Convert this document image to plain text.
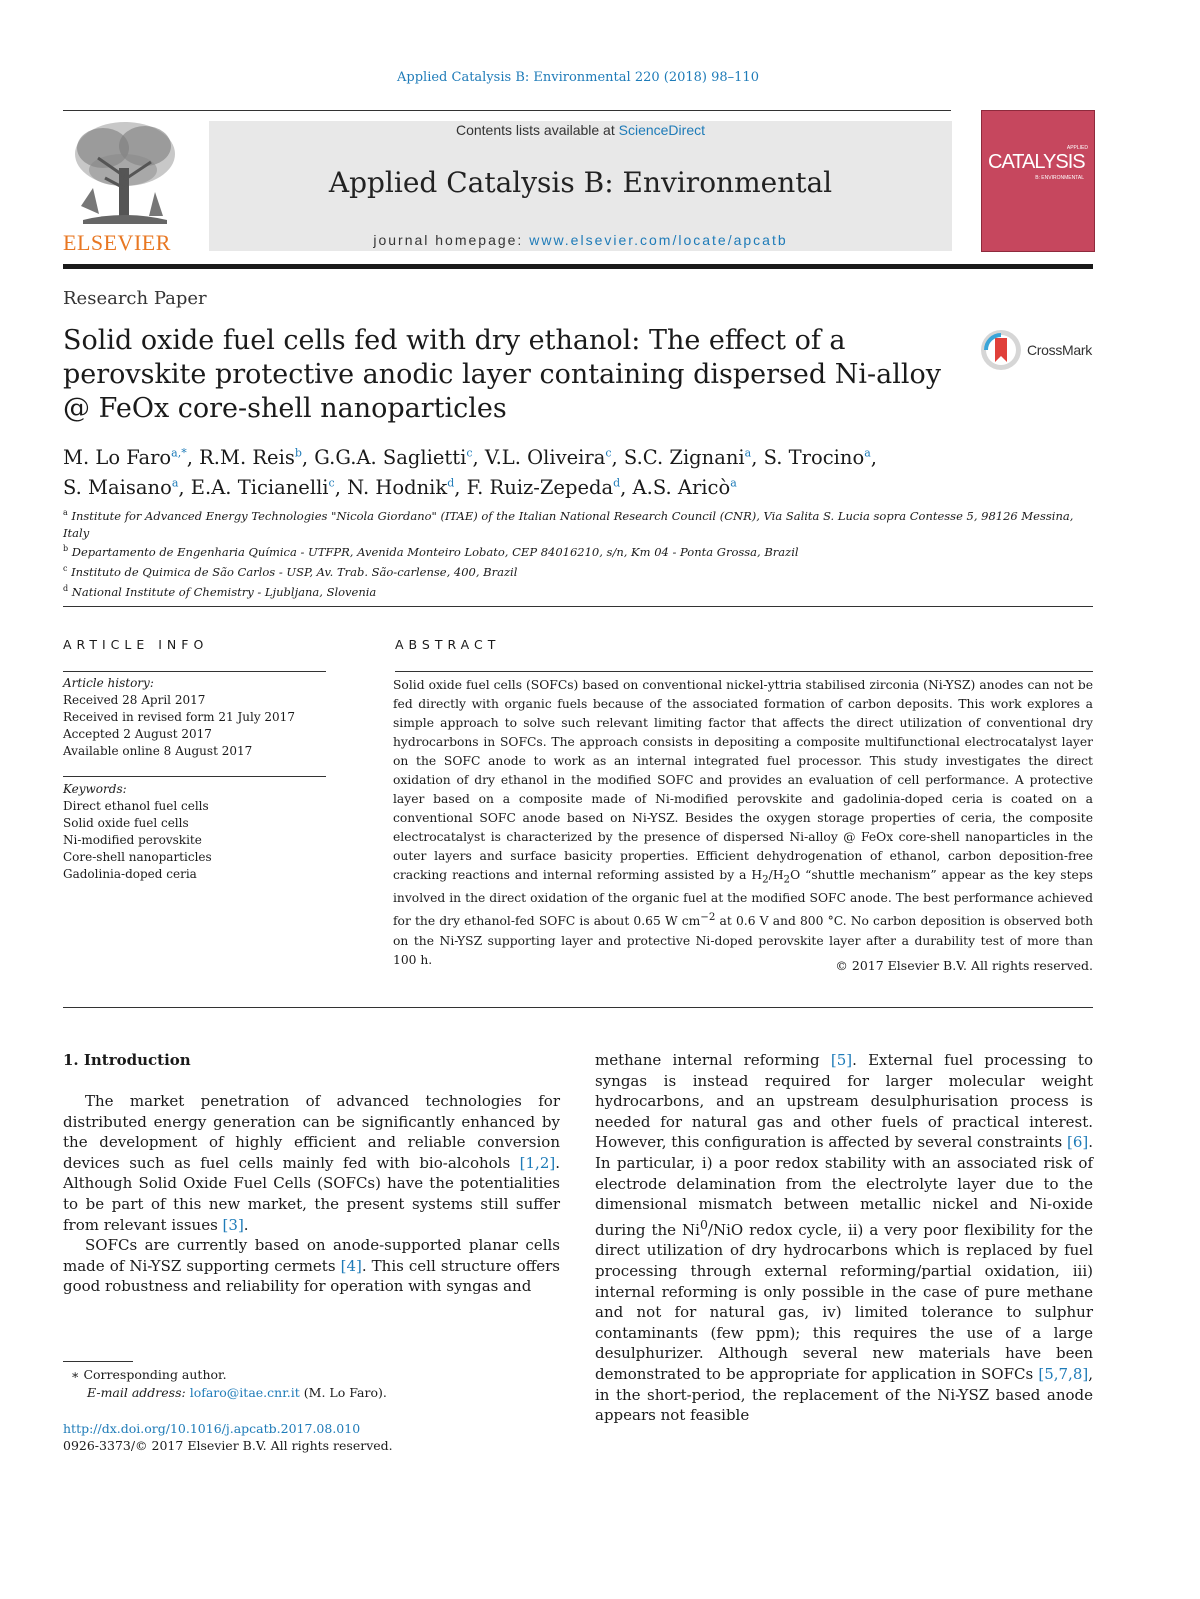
Applied Catalysis B: Environmental 220 (2018) 98–110
ELSEVIER
Contents lists available at ScienceDirect
Applied Catalysis B: Environmental
journal homepage: www.elsevier.com/locate/apcatb
APPLIED
CATALYSIS
B: ENVIRONMENTAL
Research Paper
Solid oxide fuel cells fed with dry ethanol: The effect of a perovskite protective anodic layer containing dispersed Ni-alloy @ FeOx core-shell nanoparticles
CrossMark
M. Lo Faro$^{a,*}$, R.M. Reis$^b$, G.G.A. Saglietti$^c$, V.L. Oliveira$^c$, S.C. Zignani$^a$, S. Trocino$^a$,
S. Maisano$^a$, E.A. Ticianelli$^c$, N. Hodnik$^d$, F. Ruiz-Zepeda$^d$, A.S. Aricò$^a$
$^a$ Institute for Advanced Energy Technologies "Nicola Giordano" (ITAE) of the Italian National Research Council (CNR), Via Salita S. Lucia sopra Contesse 5, 98126 Messina, Italy
$^b$ Departamento de Engenharia Química - UTFPR, Avenida Monteiro Lobato, CEP 84016210, s/n, Km 04 - Ponta Grossa, Brazil
$^c$ Instituto de Quimica de São Carlos - USP, Av. Trab. São-carlense, 400, Brazil
$^d$ National Institute of Chemistry - Ljubljana, Slovenia
ARTICLE INFO	ABSTRACT
Article history:
Received 28 April 2017
Received in revised form 21 July 2017
Accepted 2 August 2017
Available online 8 August 2017
Keywords:
Direct ethanol fuel cells
Solid oxide fuel cells
Ni-modified perovskite
Core-shell nanoparticles
Gadolinia-doped ceria
Solid oxide fuel cells (SOFCs) based on conventional nickel-yttria stabilised zirconia (Ni-YSZ) anodes can not be fed directly with organic fuels because of the associated formation of carbon deposits. This work explores a simple approach to solve such relevant limiting factor that affects the direct utilization of conventional dry hydrocarbons in SOFCs. The approach consists in depositing a composite multifunctional electrocatalyst layer on the SOFC anode to work as an internal integrated fuel processor. This study investigates the direct oxidation of dry ethanol in the modified SOFC and provides an evaluation of cell performance. A protective layer based on a composite made of Ni-modified perovskite and gadolinia-doped ceria is coated on a conventional SOFC anode based on Ni-YSZ. Besides the oxygen storage properties of ceria, the composite electrocatalyst is characterized by the presence of dispersed Ni-alloy @ FeOx core-shell nanoparticles in the outer layers and surface basicity properties. Efficient dehydrogenation of ethanol, carbon deposition-free cracking reactions and internal reforming assisted by a $H_2/H_2O$ “shuttle mechanism” appear as the key steps involved in the direct oxidation of the organic fuel at the modified SOFC anode. The best performance achieved for the dry ethanol-fed SOFC is about 0.65 W $cm^{-2}$ at 0.6 V and 800 °C. No carbon deposition is observed both on the Ni-YSZ supporting layer and protective Ni-doped perovskite layer after a durability test of more than 100 h.	© 2017 Elsevier B.V. All rights reserved.
1. Introduction

The market penetration of advanced technologies for distributed energy generation can be significantly enhanced by the development of highly efficient and reliable conversion devices such as fuel cells mainly fed with bio-alcohols [1,2]. Although Solid Oxide Fuel Cells (SOFCs) have the potentialities to be part of this new market, the present systems still suffer from relevant issues [3].

SOFCs are currently based on anode-supported planar cells made of Ni-YSZ supporting cermets [4]. This cell structure offers good robustness and reliability for operation with syngas and

methane internal reforming [5]. External fuel processing to syngas is instead required for larger molecular weight hydrocarbons, and an upstream desulphurisation process is needed for natural gas and other fuels of practical interest. However, this configuration is affected by several constraints [6]. In particular, i) a poor redox stability with an associated risk of electrode delamination from the electrolyte layer due to the dimensional mismatch between metallic nickel and Ni-oxide during the Ni$^0$/NiO redox cycle, ii) a very poor flexibility for the direct utilization of dry hydrocarbons which is replaced by fuel processing through external reforming/partial oxidation, iii) internal reforming is only possible in the case of pure methane and not for natural gas, iv) limited tolerance to sulphur contaminants (few ppm); this requires the use of a large desulphurizer. Although several new materials have been demonstrated to be appropriate for application in SOFCs [5,7,8], in the short-period, the replacement of the Ni-YSZ based anode appears not feasible

∗ Corresponding author.
E-mail address: lofaro@itae.cnr.it (M. Lo Faro).
http://dx.doi.org/10.1016/j.apcatb.2017.08.010
0926-3373/© 2017 Elsevier B.V. All rights reserved.
